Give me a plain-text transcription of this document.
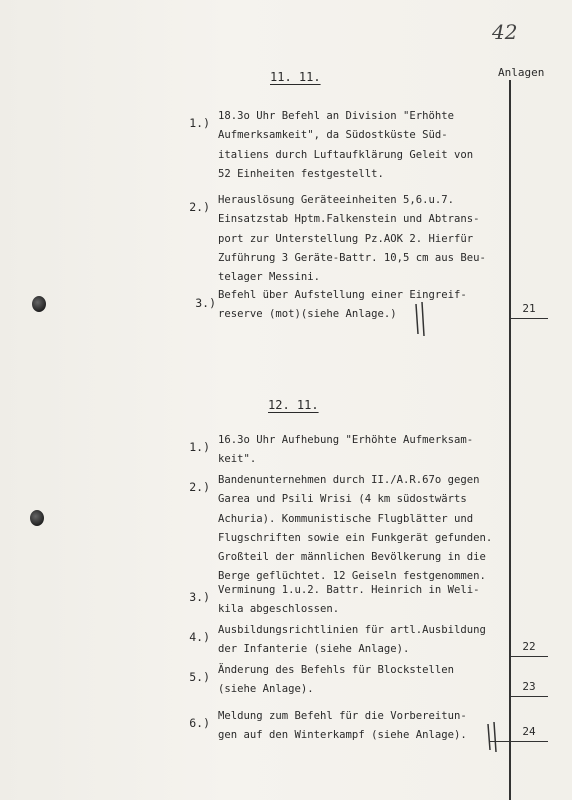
42
Anlagen
11. 11.
1.) 18.3o Uhr Befehl an Division "Erhöhte
Aufmerksamkeit", da Südostküste Süd-
italiens durch Luftaufklärung Geleit von
52 Einheiten festgestellt.
2.) Herauslösung Geräteeinheiten 5,6.u.7.
Einsatzstab Hptm.Falkenstein und Abtrans-
port zur Unterstellung Pz.AOK 2. Hierfür
Zuführung 3 Geräte-Battr. 10,5 cm aus Beu-
telager Messini.
3.)
Befehl über Aufstellung einer Eingreif-
reserve (mot)(siehe Anlage.)	21
12. 11.
1.) 16.3o Uhr Aufhebung "Erhöhte Aufmerksam-
keit".
2.) Bandenunternehmen durch II./A.R.67o gegen
Garea und Psili Wrisi (4 km südostwärts
Achuria). Kommunistische Flugblätter und
Flugschriften sowie ein Funkgerät gefunden.
Großteil der männlichen Bevölkerung in die
Berge geflüchtet. 12 Geiseln festgenommen.
3.) Verminung 1.u.2. Battr. Heinrich in Weli-
kila abgeschlossen.
4.) Ausbildungsrichtlinien für artl.Ausbildung
der Infanterie (siehe Anlage).	22
5.) Änderung des Befehls für Blockstellen
(siehe Anlage).	23
6.) Meldung zum Befehl für die Vorbereitun-
gen auf den Winterkampf (siehe Anlage).	24
